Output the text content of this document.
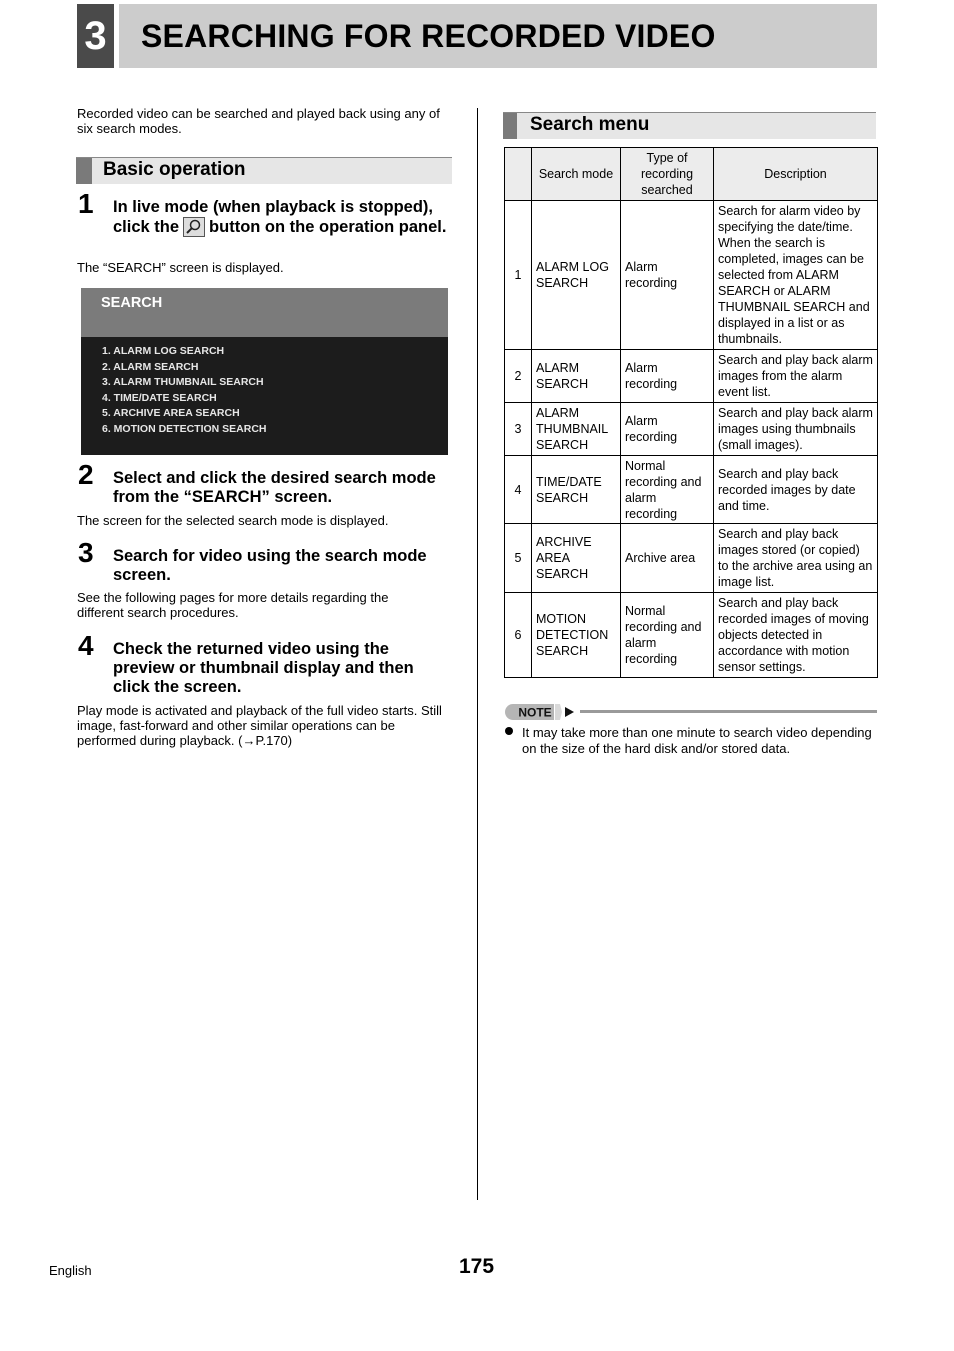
3 SEARCHING FOR RECORDED VIDEO
Recorded video can be searched and played back using any of six search modes.
Basic operation
1 In live mode (when playback is stopped), click the button on the operation panel.
The “SEARCH” screen is displayed.
SEARCH
1. ALARM LOG SEARCH
2. ALARM SEARCH
3. ALARM THUMBNAIL SEARCH
4. TIME/DATE SEARCH
5. ARCHIVE AREA SEARCH
6. MOTION DETECTION SEARCH
2 Select and click the desired search mode from the “SEARCH” screen.
The screen for the selected search mode is displayed.
3 Search for video using the search mode screen.
See the following pages for more details regarding the different search procedures.
4 Check the returned video using the preview or thumbnail display and then click the screen.
Play mode is activated and playback of the full video starts. Still image, fast-forward and other similar operations can be performed during playback. (→P.170)
Search menu
	Search mode	Type of recording searched	Description
1	ALARM LOG SEARCH	Alarm recording	Search for alarm video by specifying the date/time. When the search is completed, images can be selected from ALARM SEARCH or ALARM THUMBNAIL SEARCH and displayed in a list or as thumbnails.
2	ALARM SEARCH	Alarm recording	Search and play back alarm images from the alarm event list.
3	ALARM THUMBNAIL SEARCH	Alarm recording	Search and play back alarm images using thumbnails (small images).
4	TIME/DATE SEARCH	Normal recording and alarm recording	Search and play back recorded images by date and time.
5	ARCHIVE AREA SEARCH	Archive area	Search and play back images stored (or copied) to the archive area using an image list.
6	MOTION DETECTION SEARCH	Normal recording and alarm recording	Search and play back recorded images of moving objects detected in accordance with motion sensor settings.
NOTE
It may take more than one minute to search video depending on the size of the hard disk and/or stored data.
English	175
